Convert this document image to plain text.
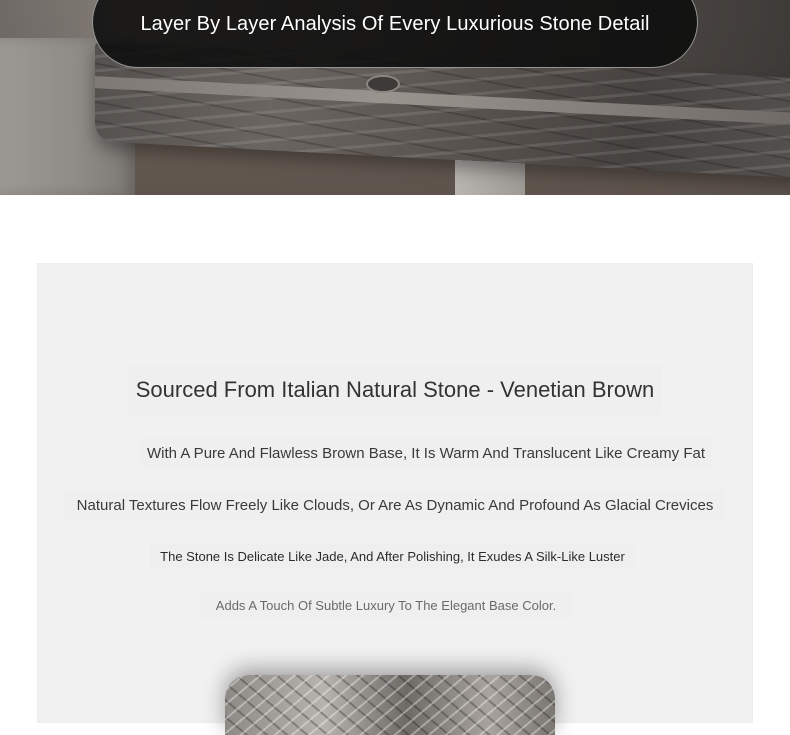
Layer By Layer Analysis Of Every Luxurious Stone Detail
Sourced From Italian Natural Stone - Venetian Brown
With A Pure And Flawless Brown Base, It Is Warm And Translucent Like Creamy Fat
Natural Textures Flow Freely Like Clouds, Or Are As Dynamic And Profound As Glacial Crevices
The Stone Is Delicate Like Jade, And After Polishing, It Exudes A Silk-Like Luster
Adds A Touch Of Subtle Luxury To The Elegant Base Color.
